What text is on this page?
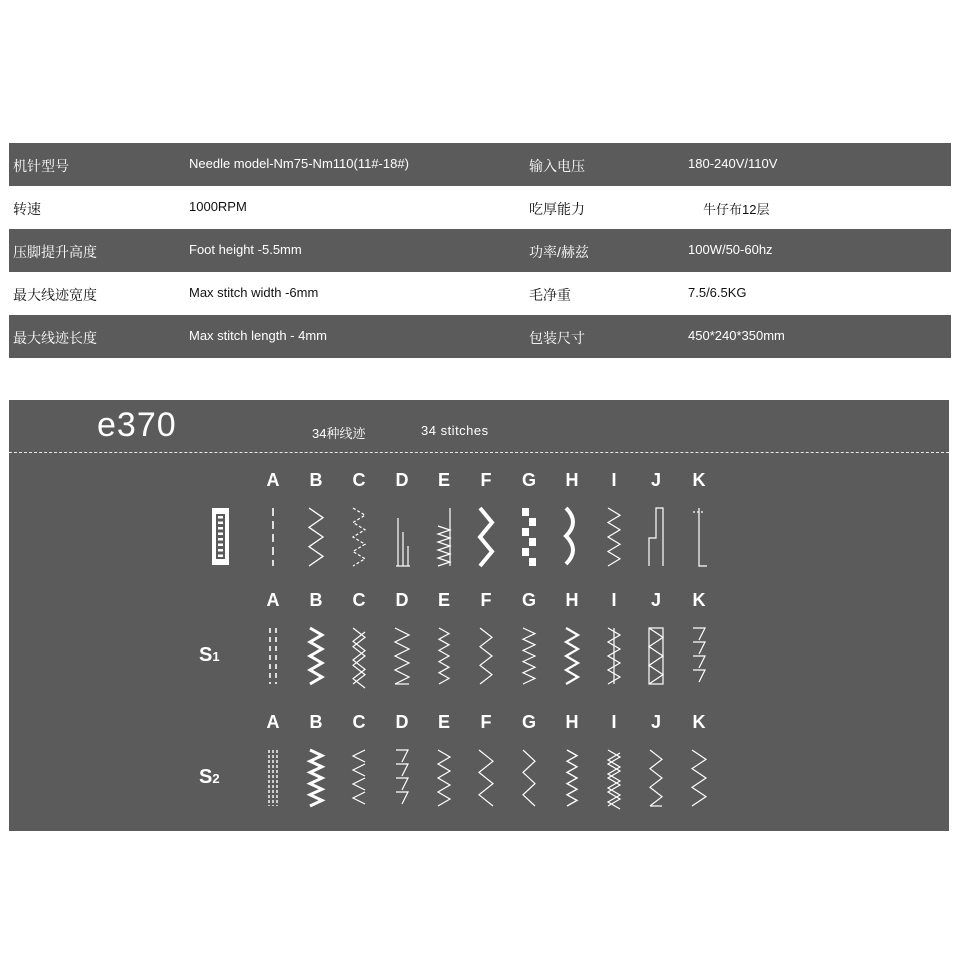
机针型号	Needle model-Nm75-Nm110(11#-18#)	输入电压	180-240V/110V
转速	1000RPM	吃厚能力	牛仔布12层
压脚提升高度	Foot height -5.5mm	功率/赫兹	100W/50-60hz
最大线迹宽度	Max stitch width -6mm	毛净重	7.5/6.5KG
最大线迹长度	Max stitch length - 4mm	包装尺寸	450*240*350mm
e370	34种线迹	34 stitches
A	B	C	D	E	F	G	H	I	J	K
A	B	C	D	E	F	G	H	I	J	K
A	B	C	D	E	F	G	H	I	J	K
S1
S2
